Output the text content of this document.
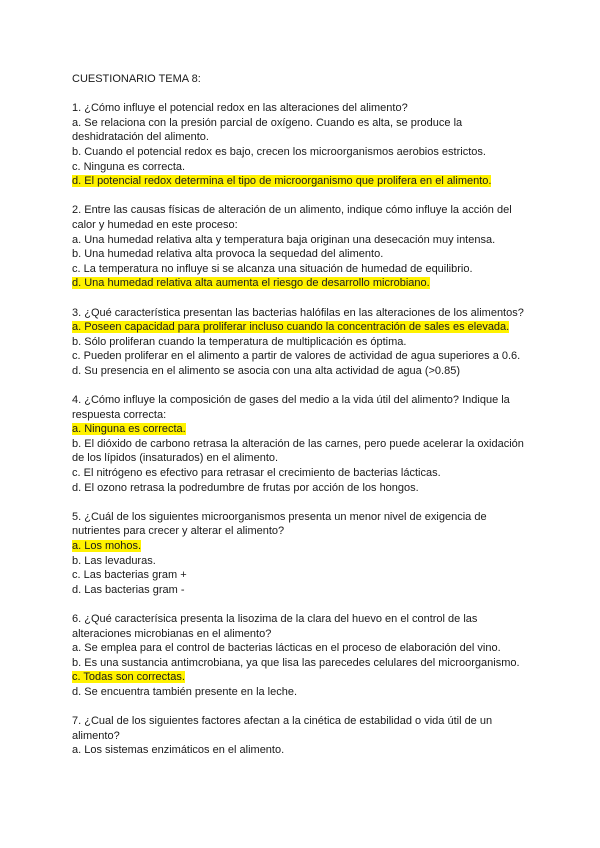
CUESTIONARIO TEMA 8:
1. ¿Cómo influye el potencial redox en las alteraciones del alimento?
a. Se relaciona con la presión parcial de oxígeno. Cuando es alta, se produce la deshidratación del alimento.
b. Cuando el potencial redox es bajo, crecen los microorganismos aerobios estrictos.
c. Ninguna es correcta.
d. El potencial redox determina el tipo de microorganismo que prolifera en el alimento.
2. Entre las causas físicas de alteración de un alimento, indique cómo influye la acción del calor y humedad en este proceso:
a. Una humedad relativa alta y temperatura baja originan una desecación muy intensa.
b. Una humedad relativa alta provoca la sequedad del alimento.
c. La temperatura no influye si se alcanza una situación de humedad de equilibrio.
d. Una humedad relativa alta aumenta el riesgo de desarrollo microbiano.
3. ¿Qué característica presentan las bacterias halófilas en las alteraciones de los alimentos?
a. Poseen capacidad para proliferar incluso cuando la concentración de sales es elevada.
b. Sólo proliferan cuando la temperatura de multiplicación es óptima.
c. Pueden proliferar en el alimento a partir de valores de actividad de agua superiores a 0.6.
d. Su presencia en el alimento se asocia con una alta actividad de agua (>0.85)
4. ¿Cómo influye la composición de gases del medio a la vida útil del alimento? Indique la respuesta correcta:
a. Ninguna es correcta.
b. El dióxido de carbono retrasa la alteración de las carnes, pero puede acelerar la oxidación de los lípidos (insaturados) en el alimento.
c. El nitrógeno es efectivo para retrasar el crecimiento de bacterias lácticas.
d. El ozono retrasa la podredumbre de frutas por acción de los hongos.
5. ¿Cuál de los siguientes microorganismos presenta un menor nivel de exigencia de nutrientes para crecer y alterar el alimento?
a. Los mohos.
b. Las levaduras.
c. Las bacterias gram +
d. Las bacterias gram -
6. ¿Qué caracterísica presenta la lisozima de la clara del huevo en el control de las alteraciones microbianas en el alimento?
a. Se emplea para el control de bacterias lácticas en el proceso de elaboración del vino.
b. Es una sustancia antimcrobiana, ya que lisa las parecedes celulares del microorganismo.
c. Todas son correctas.
d. Se encuentra también presente en la leche.
7. ¿Cual de los siguientes factores afectan a la cinética de estabilidad o vida útil de un alimento?
a. Los sistemas enzimáticos en el alimento.
